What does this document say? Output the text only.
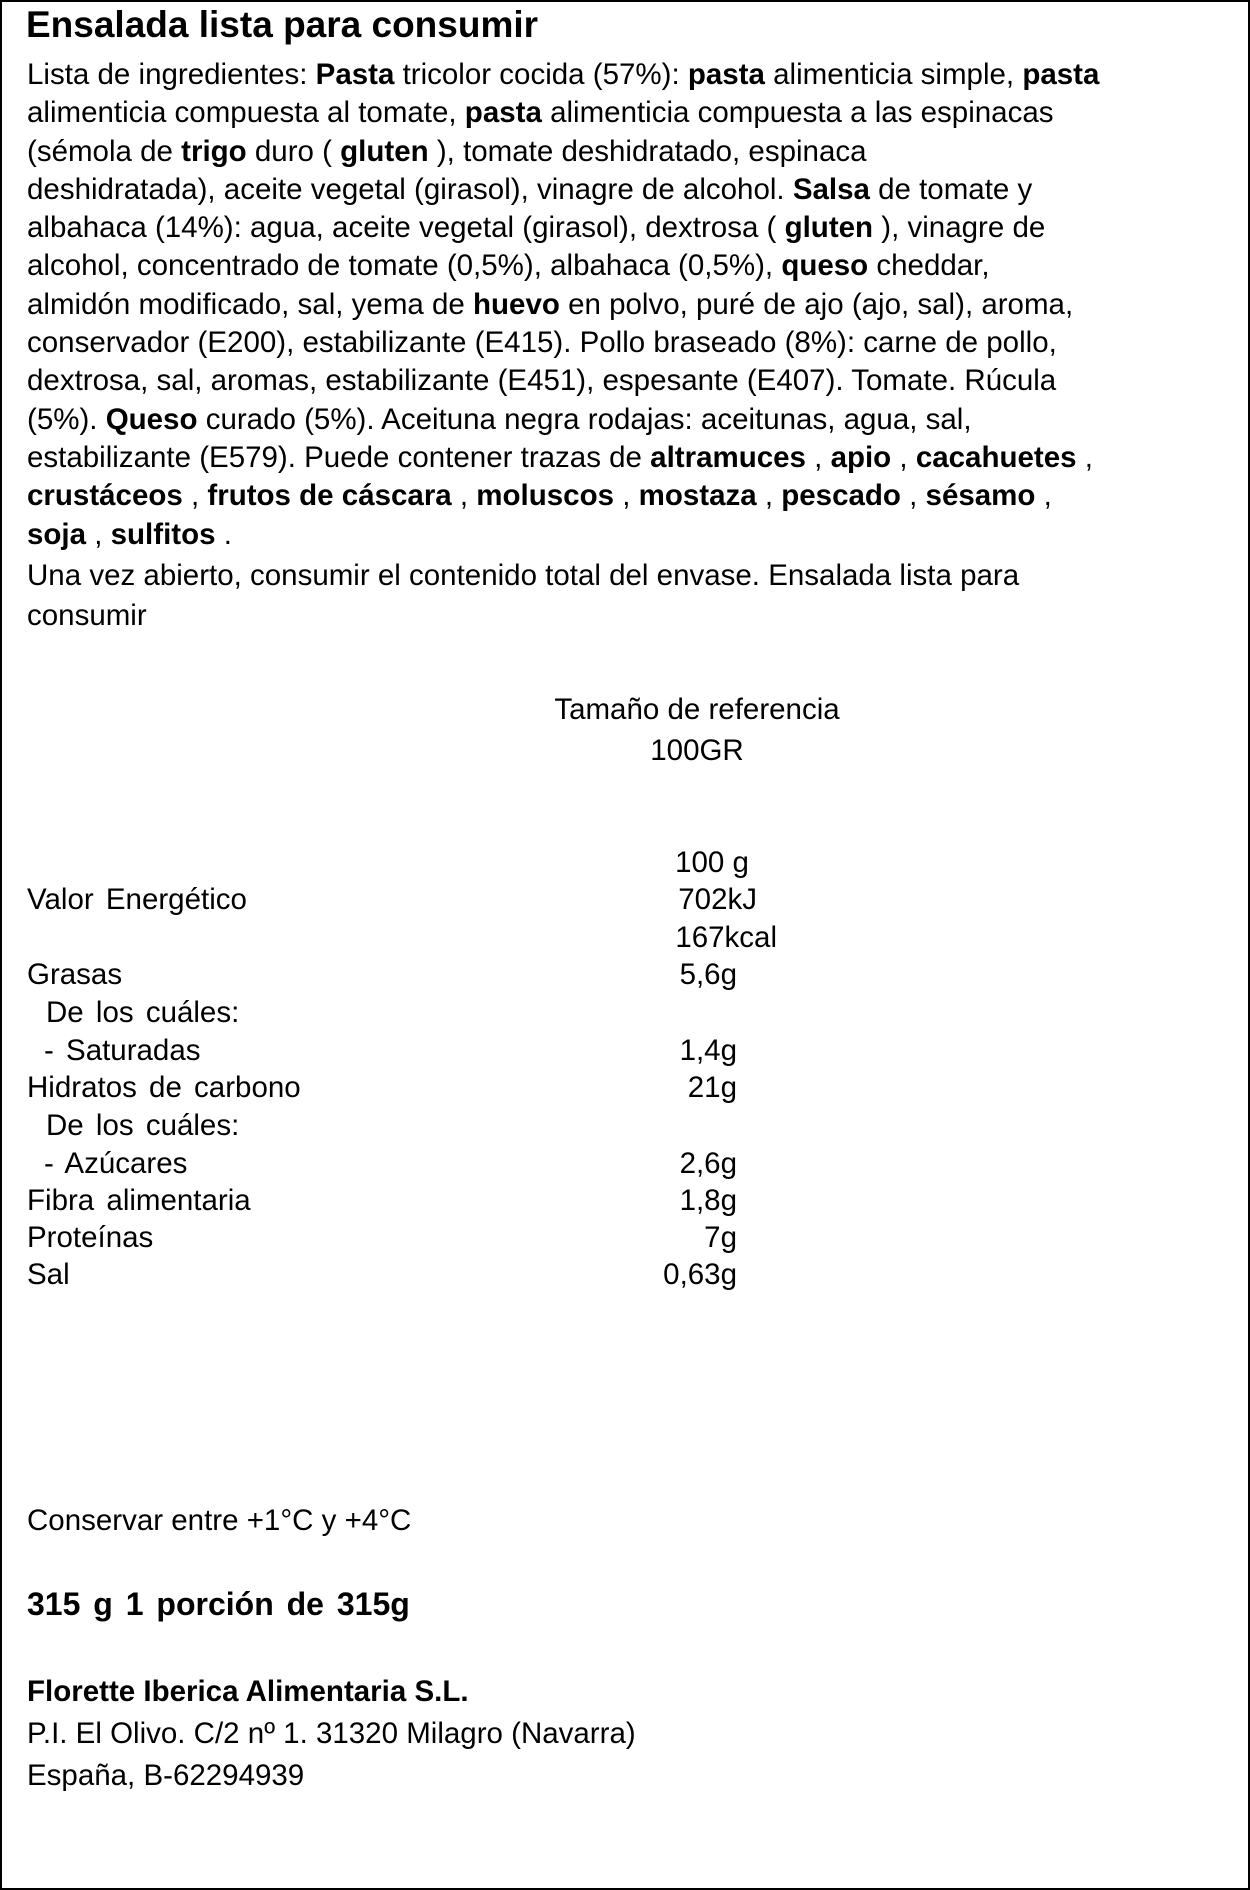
Ensalada lista para consumir
Lista de ingredientes: Pasta tricolor cocida (57%): pasta alimenticia simple, pasta
alimenticia compuesta al tomate, pasta alimenticia compuesta a las espinacas
(sémola de trigo duro ( gluten ), tomate deshidratado, espinaca
deshidratada), aceite vegetal (girasol), vinagre de alcohol. Salsa de tomate y
albahaca (14%): agua, aceite vegetal (girasol), dextrosa ( gluten ), vinagre de
alcohol, concentrado de tomate (0,5%), albahaca (0,5%), queso cheddar,
almidón modificado, sal, yema de huevo en polvo, puré de ajo (ajo, sal), aroma,
conservador (E200), estabilizante (E415). Pollo braseado (8%): carne de pollo,
dextrosa, sal, aromas, estabilizante (E451), espesante (E407). Tomate. Rúcula
(5%). Queso curado (5%). Aceituna negra rodajas: aceitunas, agua, sal,
estabilizante (E579). Puede contener trazas de altramuces , apio , cacahuetes ,
crustáceos , frutos de cáscara , moluscos , mostaza , pescado , sésamo ,
soja , sulfitos .
Una vez abierto, consumir el contenido total del envase. Ensalada lista para
consumir
Tamaño de referencia
100GR
100 g
Valor Energético	702kJ
167kcal
Grasas	5,6g
De los cuáles:
- Saturadas	1,4g
Hidratos de carbono	21g
De los cuáles:
- Azúcares	2,6g
Fibra alimentaria	1,8g
Proteínas	7g
Sal	0,63g
Conservar entre +1°C y +4°C
315 g 1 porción de 315g
Florette Iberica Alimentaria S.L.
P.I. El Olivo. C/2 nº 1. 31320 Milagro (Navarra)
España, B-62294939
